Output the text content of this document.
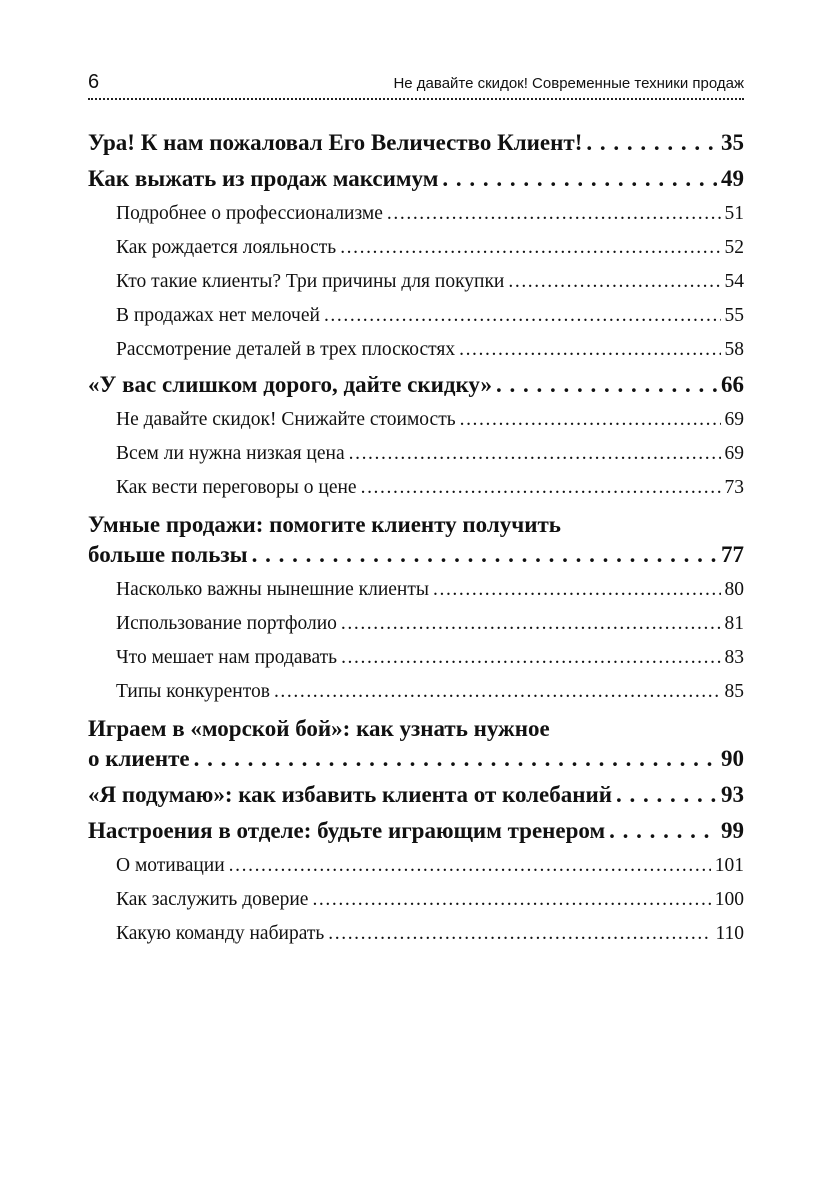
6	Не давайте скидок! Современные техники продаж
Ура! К нам пожаловал Его Величество Клиент! . . .	35
Как выжать из продаж максимум . . .	49
Подробнее о профессионализме .....	51
Как рождается лояльность .....	52
Кто такие клиенты? Три причины для покупки .....	54
В продажах нет мелочей .....	55
Рассмотрение деталей в трех плоскостях .....	58
«У вас слишком дорого, дайте скидку» . . .	66
Не давайте скидок! Снижайте стоимость .....	69
Всем ли нужна низкая цена .....	69
Как вести переговоры о цене .....	73
Умные продажи: помогите клиенту получить
больше пользы . . .	77
Насколько важны нынешние клиенты .....	80
Использование портфолио .....	81
Что мешает нам продавать .....	83
Типы конкурентов .....	85
Играем в «морской бой»: как узнать нужное
о клиенте . . .	90
«Я подумаю»: как избавить клиента от колебаний . . .	93
Настроения в отделе: будьте играющим тренером . . .	99
О мотивации .....	101
Как заслужить доверие .....	100
Какую команду набирать .....	110
